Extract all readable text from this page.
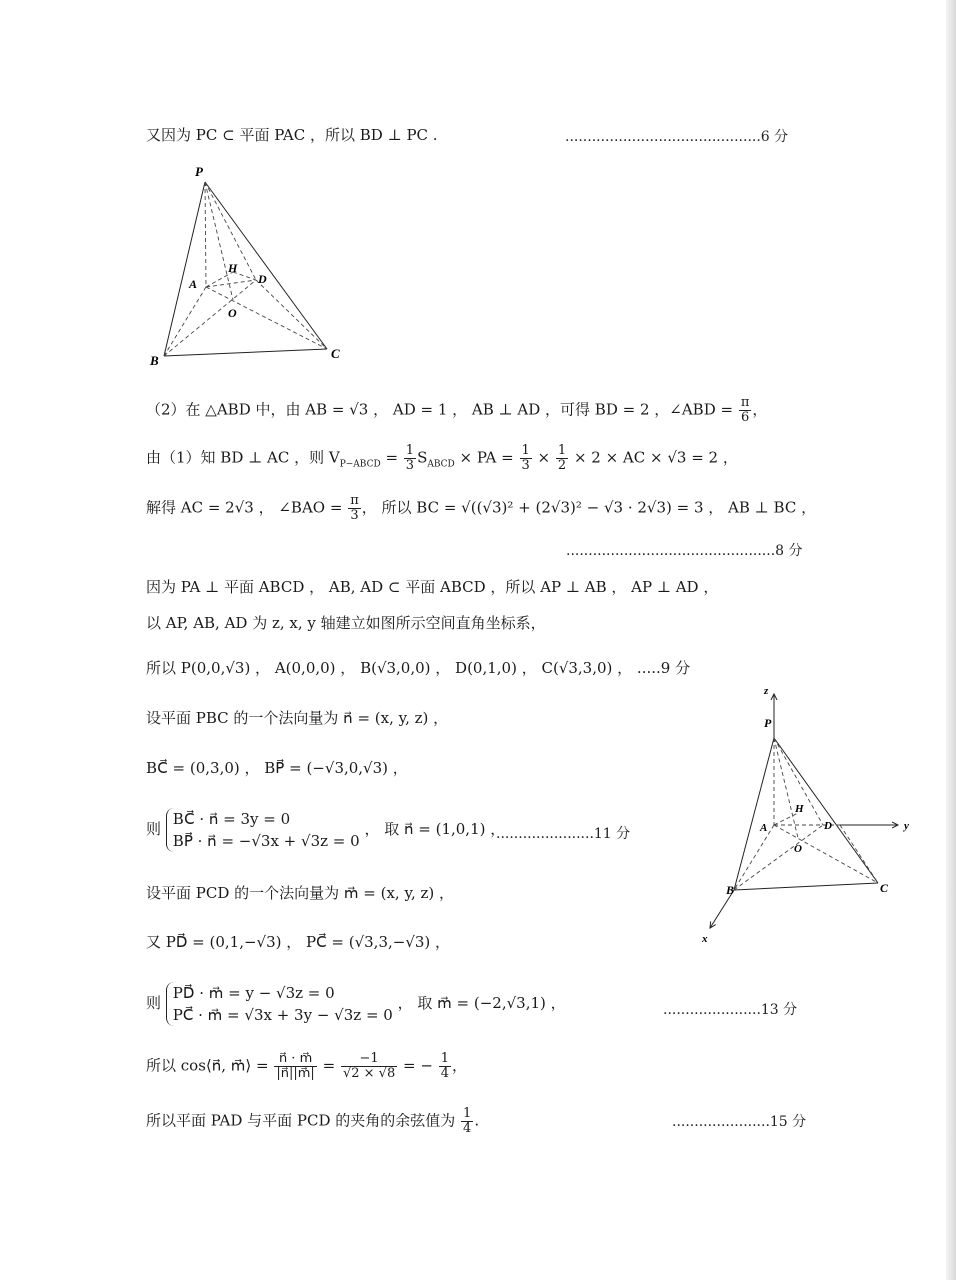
又因为 PC ⊂ 平面 PAC ，所以 BD ⊥ PC .	............................................6 分
P
H
A	D
O
B	C
（2）在 △ABD 中，由 AB = √3 ， AD = 1 ， AB ⊥ AD ，可得 BD = 2 ，∠ABD = $\frac{\pi}{6}$ ，
由（1）知 BD ⊥ AC ，则 $V_{P-ABCD} = \frac{1}{3} S_{ABCD}$ × PA = $\frac{1}{3} \times \frac{1}{2} \times 2$ × AC × √3 = 2 ，
解得 AC = 2√3 ， ∠BAO = $\frac{\pi}{3}$ ， 所以 BC = √((√3)² + (2√3)² − √3 · 2√3) = 3 ， AB ⊥ BC ，
...............................................8 分
因为 PA ⊥ 平面 ABCD ， AB, AD ⊂ 平面 ABCD ，所以 AP ⊥ AB ， AP ⊥ AD ，
以 AP, AB, AD 为 z, x, y 轴建立如图所示空间直角坐标系，
所以 P(0,0,√3) ， A(0,0,0) ， B(√3,0,0) ， D(0,1,0) ， C(√3,3,0) ， .....9 分
设平面 PBC 的一个法向量为 n⃗ = (x, y, z) ，
BC⃗ = (0,3,0) ， BP⃗ = (−√3,0,√3) ，
则
BC⃗ · n⃗ = 3y = 0
BP⃗ · n⃗ = −√3x + √3z = 0
， 取 n⃗ = (1,0,1) ，
......................11 分
设平面 PCD 的一个法向量为 m⃗ = (x, y, z) ，
又 PD⃗ = (0,1,−√3) ， PC⃗ = (√3,3,−√3) ，
则
PD⃗ · m⃗ = y − √3z = 0
PC⃗ · m⃗ = √3x + 3y − √3z = 0
， 取 m⃗ = (−2,√3,1) ，	......................13 分
所以 cos⟨n⃗, m⃗⟩ = $\frac{n⃗ \cdot m⃗}{|n⃗||m⃗|} = \frac{-1}{√2 \times √8}$ = − $\frac{1}{4}$ ，
所以平面 PAD 与平面 PCD 的夹角的余弦值为 $\frac{1}{4}$ .	......................15 分
z
P
H
A	D	y
O
B	C
x
